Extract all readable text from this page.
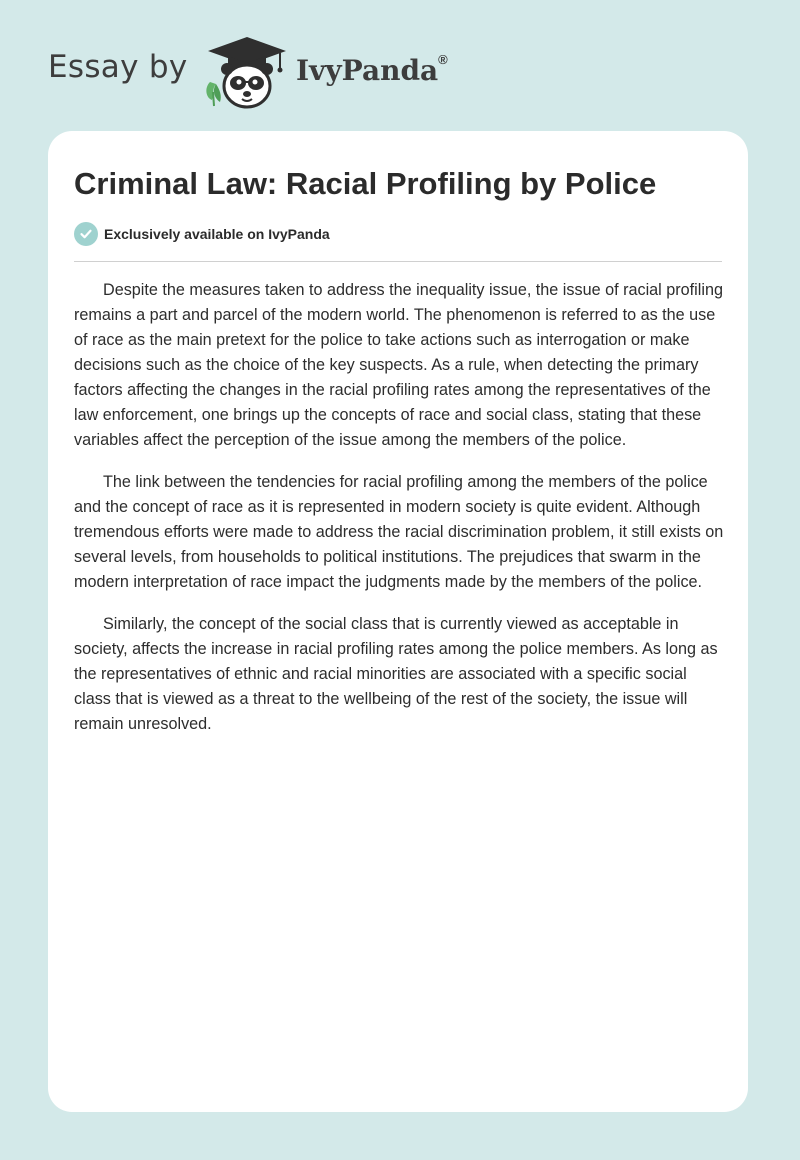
Essay by	IvyPanda®
Criminal Law: Racial Profiling by Police
Exclusively available on IvyPanda

Despite the measures taken to address the inequality issue, the issue of racial profiling remains a part and parcel of the modern world. The phenomenon is referred to as the use of race as the main pretext for the police to take actions such as interrogation or make decisions such as the choice of the key suspects. As a rule, when detecting the primary factors affecting the changes in the racial profiling rates among the representatives of the law enforcement, one brings up the concepts of race and social class, stating that these variables affect the perception of the issue among the members of the police.

The link between the tendencies for racial profiling among the members of the police and the concept of race as it is represented in modern society is quite evident. Although tremendous efforts were made to address the racial discrimination problem, it still exists on several levels, from households to political institutions. The prejudices that swarm in the modern interpretation of race impact the judgments made by the members of the police.

Similarly, the concept of the social class that is currently viewed as acceptable in society, affects the increase in racial profiling rates among the police members. As long as the representatives of ethnic and racial minorities are associated with a specific social class that is viewed as a threat to the wellbeing of the rest of the society, the issue will remain unresolved.
